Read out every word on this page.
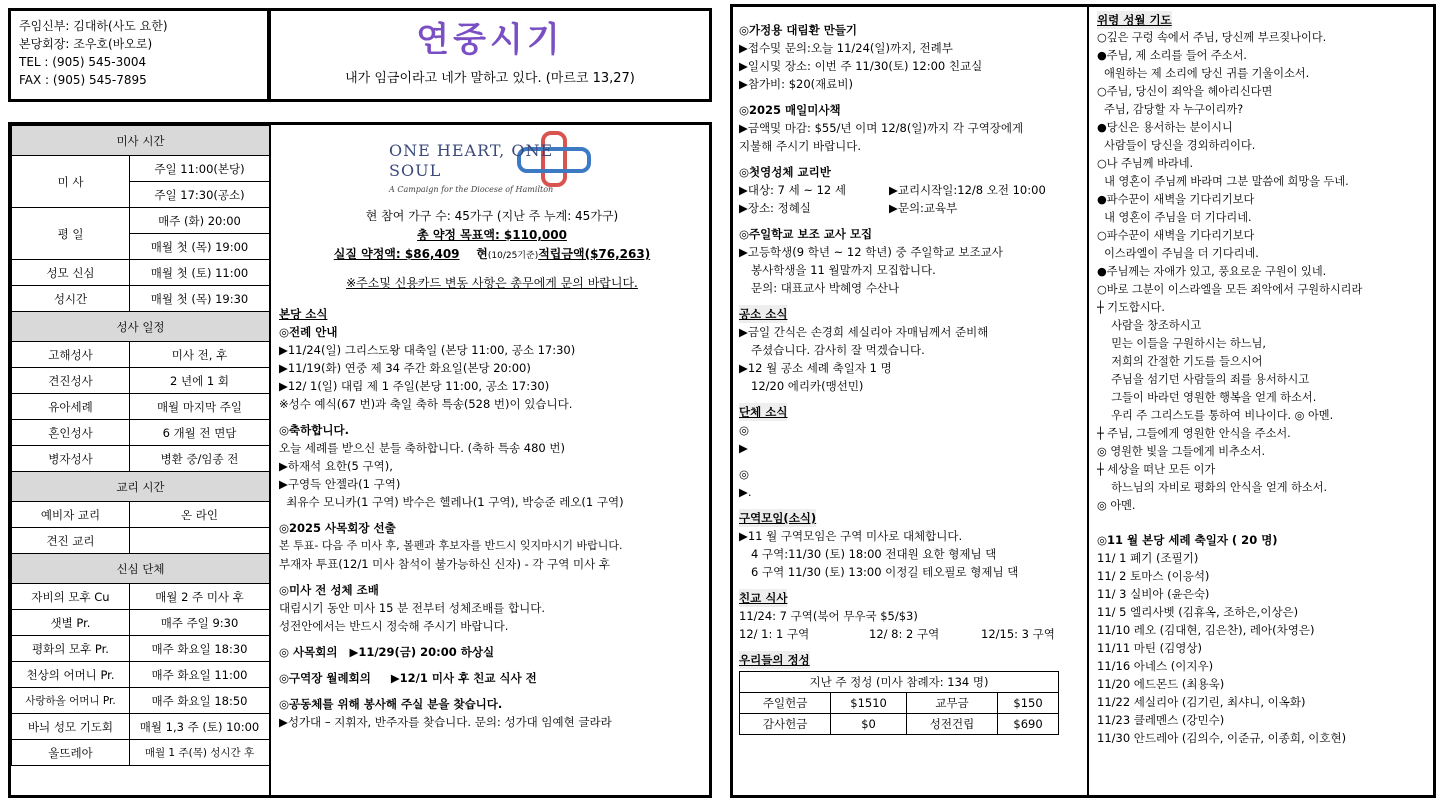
주임신부: 김대하(사도 요한)
본당회장: 조우호(바오로)
TEL : (905) 545-3004
FAX : (905) 545-7895
연중시기
내가 임금이라고 네가 말하고 있다. (마르코 13,27)
미사 시간	
미 사	주일 11:00(본당)
	주일 17:30(공소)
평 일	매주 (화) 20:00
	매월 첫 (목) 19:00
성모 신심	매월 첫 (토) 11:00
성시간	매월 첫 (목) 19:30
성사 일정	
고해성사	미사 전, 후
견진성사	2 년에 1 회
유아세례	매월 마지막 주일
혼인성사	6 개월 전 면담
병자성사	병환 중/임종 전
교리 시간	
예비자 교리	온 라인
견진 교리	
신심 단체	
자비의 모후 Cu	매월 2 주 미사 후
샛별 Pr.	매주 주일 9:30
평화의 모후 Pr.	매주 화요일 18:30
천상의 어머니 Pr.	매주 화요일 11:00
사랑하올 어머니 Pr.	매주 화요일 18:50
바늬 성모 기도회	매월 1,3 주 (토) 10:00
울뜨레아	매월 1 주(목) 성시간 후
ONE HEART, ONE SOUL
A Campaign for the Diocese of Hamilton
현 참여 가구 수: 45가구 (지난 주 누계: 45가구)
총 약정 목표액: $110,000
실질 약정액: $86,409 현(10/25기준)적립금액($76,263)
※주소및 신용카드 변동 사항은 총무에게 문의 바랍니다.
본당 소식
◎전례 안내
▶11/24(일) 그리스도왕 대축일 (본당 11:00, 공소 17:30)
▶11/19(화) 연중 제 34 주간 화요일(본당 20:00)
▶12/ 1(일) 대림 제 1 주일(본당 11:00, 공소 17:30)
※성수 예식(67 번)과 축일 축하 특송(528 번)이 있습니다.
◎축하합니다.
오늘 세례를 받으신 분들 축하합니다. (축하 특송 480 번)
▶하재석 요한(5 구역),
▶구영득 안젤라(1 구역)
최유수 모니카(1 구역) 박수은 헬레나(1 구역), 박승준 레오(1 구역)
◎2025 사목회장 선출
본 투표- 다음 주 미사 후, 볼펜과 후보자를 반드시 잊지마시기 바랍니다.
부재자 투표(12/1 미사 참석이 불가능하신 신자) - 각 구역 미사 후
◎미사 전 성체 조배
대림시기 동안 미사 15 분 전부터 성체조배를 합니다.
성전안에서는 반드시 정숙해 주시기 바랍니다.
◎ 사목회의   ▶11/29(금) 20:00 하상실
◎구역장 월례회의     ▶12/1 미사 후 친교 식사 전
◎공동체를 위해 봉사해 주실 분을 찾습니다.
▶성가대 – 지휘자, 반주자를 찾습니다. 문의: 성가대 임예현 글라라
◎가정용 대림환 만들기
▶접수및 문의:오늘 11/24(일)까지, 전례부
▶일시및 장소: 이번 주 11/30(토) 12:00 친교실
▶참가비: $20(재료비)
◎2025 매일미사책
▶금액및 마감: $55/년 이며 12/8(일)까지 각 구역장에게
지불해 주시기 바랍니다.
◎첫영성체 교리반
▶대상: 7 세 ~ 12 세	▶교리시작일:12/8 오전 10:00
▶장소: 정혜실	▶문의:교육부
◎주일학교 보조 교사 모집
▶고등학생(9 학년 ~ 12 학년) 중 주일학교 보조교사
봉사학생을 11 월말까지 모집합니다.
문의: 대표교사 박혜영 수산나
공소 소식
▶금일 간식은 손경희 세실리아 자매님께서 준비해
주셨습니다. 감사히 잘 먹겠습니다.
▶12 월 공소 세례 축일자 1 명
12/20 에리카(맹선민)
단체 소식
◎
▶
◎
▶.
구역모임(소식)
▶11 월 구역모임은 구역 미사로 대체합니다.
4 구역:11/30 (토) 18:00 전대원 요한 형제님 댁
6 구역 11/30 (토) 13:00 이정길 테오필로 형제님 댁
친교 식사
11/24: 7 구역(북어 무우국 $5/$3)
12/ 1: 1 구역	12/ 8: 2 구역	12/15: 3 구역
우리들의 정성
지난 주 정성 (미사 참례자: 134 명)			
주일헌금	$1510	교무금	$150
감사헌금	$0	성전건립	$690
위령 성월 기도
○깊은 구렁 속에서 주님, 당신께 부르짖나이다.
●주님, 제 소리를 들어 주소서.
애원하는 제 소리에 당신 귀를 기울이소서.
○주님, 당신이 죄악을 헤아리신다면
주님, 감당할 자 누구이리까?
●당신은 용서하는 분이시니
사람들이 당신을 경외하리이다.
○나 주님께 바라네.
내 영혼이 주님께 바라며 그분 말씀에 희망을 두네.
●파수꾼이 새벽을 기다리기보다
내 영혼이 주님을 더 기다리네.
○파수꾼이 새벽을 기다리기보다
이스라엘이 주님을 더 기다리네.
●주님께는 자애가 있고, 풍요로운 구원이 있네.
○바로 그분이 이스라엘을 모든 죄악에서 구원하시리라
┼ 기도합시다.
사람을 창조하시고
믿는 이들을 구원하시는 하느님,
저희의 간절한 기도를 들으시어
주님을 섬기던 사람들의 죄를 용서하시고
그들이 바라던 영원한 행복을 얻게 하소서.
우리 주 그리스도를 통하여 비나이다. ◎ 아멘.
┼ 주님, 그들에게 영원한 안식을 주소서.
◎ 영원한 빛을 그들에게 비추소서.
┼ 세상을 떠난 모든 이가
하느님의 자비로 평화의 안식을 얻게 하소서.
◎ 아멘.
◎11 월 본당 세례 축일자 ( 20 명)
11/ 1 폐기 (조필기)
11/ 2 토마스 (이응석)
11/ 3 실비아 (윤은숙)
11/ 5 엘리사벳 (김휴옥, 조하은,이상은)
11/10 레오 (김대현, 김은찬), 레아(차영은)
11/11 마틴 (김영상)
11/16 아네스 (이지우)
11/20 에드몬드 (최용욱)
11/22 세실리아 (김기린, 최샤니, 이옥화)
11/23 클레멘스 (강민수)
11/30 안드레아 (김의수, 이준규, 이종희, 이호현)
